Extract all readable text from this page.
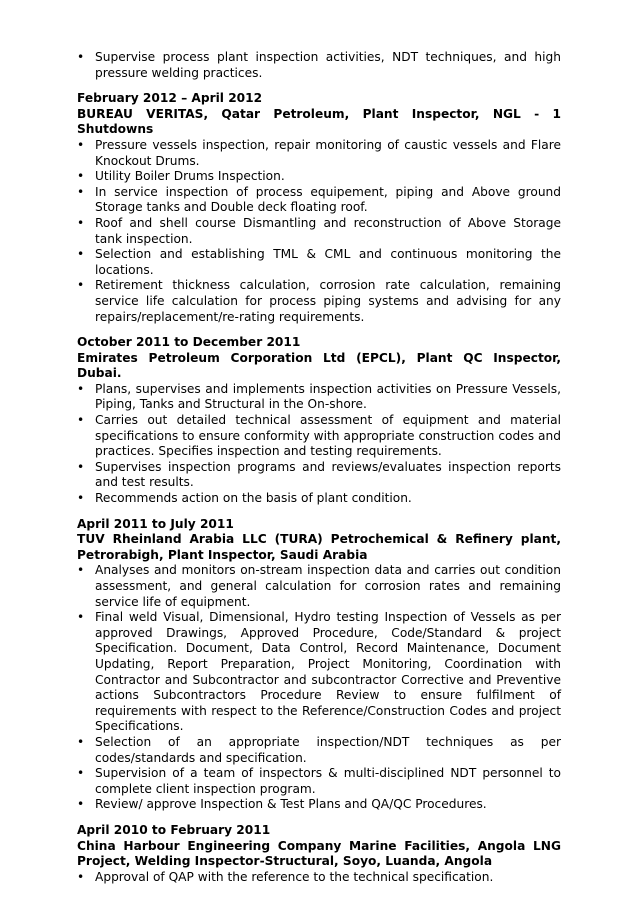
• Supervise process plant inspection activities, NDT techniques, and high pressure welding practices.

February 2012 – April 2012

BUREAU VERITAS, Qatar Petroleum, Plant Inspector, NGL - 1 Shutdowns

• Pressure vessels inspection, repair monitoring of caustic vessels and Flare Knockout Drums.
• Utility Boiler Drums Inspection.
• In service inspection of process equipement, piping and Above ground Storage tanks and Double deck floating roof.
• Roof and shell course Dismantling and reconstruction of Above Storage tank inspection.
• Selection and establishing TML & CML and continuous monitoring the locations.
• Retirement thickness calculation, corrosion rate calculation, remaining service life calculation for process piping systems and advising for any repairs/replacement/re-rating requirements.

October 2011 to December 2011

Emirates Petroleum Corporation Ltd (EPCL), Plant QC Inspector, Dubai.

• Plans, supervises and implements inspection activities on Pressure Vessels, Piping, Tanks and Structural in the On-shore.
• Carries out detailed technical assessment of equipment and material specifications to ensure conformity with appropriate construction codes and practices. Specifies inspection and testing requirements.
• Supervises inspection programs and reviews/evaluates inspection reports and test results.
• Recommends action on the basis of plant condition.

April 2011 to July 2011

TUV Rheinland Arabia LLC (TURA) Petrochemical & Refinery plant, Petrorabigh, Plant Inspector, Saudi Arabia

• Analyses and monitors on-stream inspection data and carries out condition assessment, and general calculation for corrosion rates and remaining service life of equipment.
• Final weld Visual, Dimensional, Hydro testing Inspection of Vessels as per approved Drawings, Approved Procedure, Code/Standard & project Specification. Document, Data Control, Record Maintenance, Document Updating, Report Preparation, Project Monitoring, Coordination with Contractor and Subcontractor and subcontractor Corrective and Preventive actions Subcontractors Procedure Review to ensure fulfilment of requirements with respect to the Reference/Construction Codes and project Specifications.
• Selection of an appropriate inspection/NDT techniques as per codes/standards and specification.
• Supervision of a team of inspectors & multi-disciplined NDT personnel to complete client inspection program.
• Review/ approve Inspection & Test Plans and QA/QC Procedures.

April 2010 to February 2011

China Harbour Engineering Company Marine Facilities, Angola LNG Project, Welding Inspector-Structural, Soyo, Luanda, Angola

• Approval of QAP with the reference to the technical specification.
